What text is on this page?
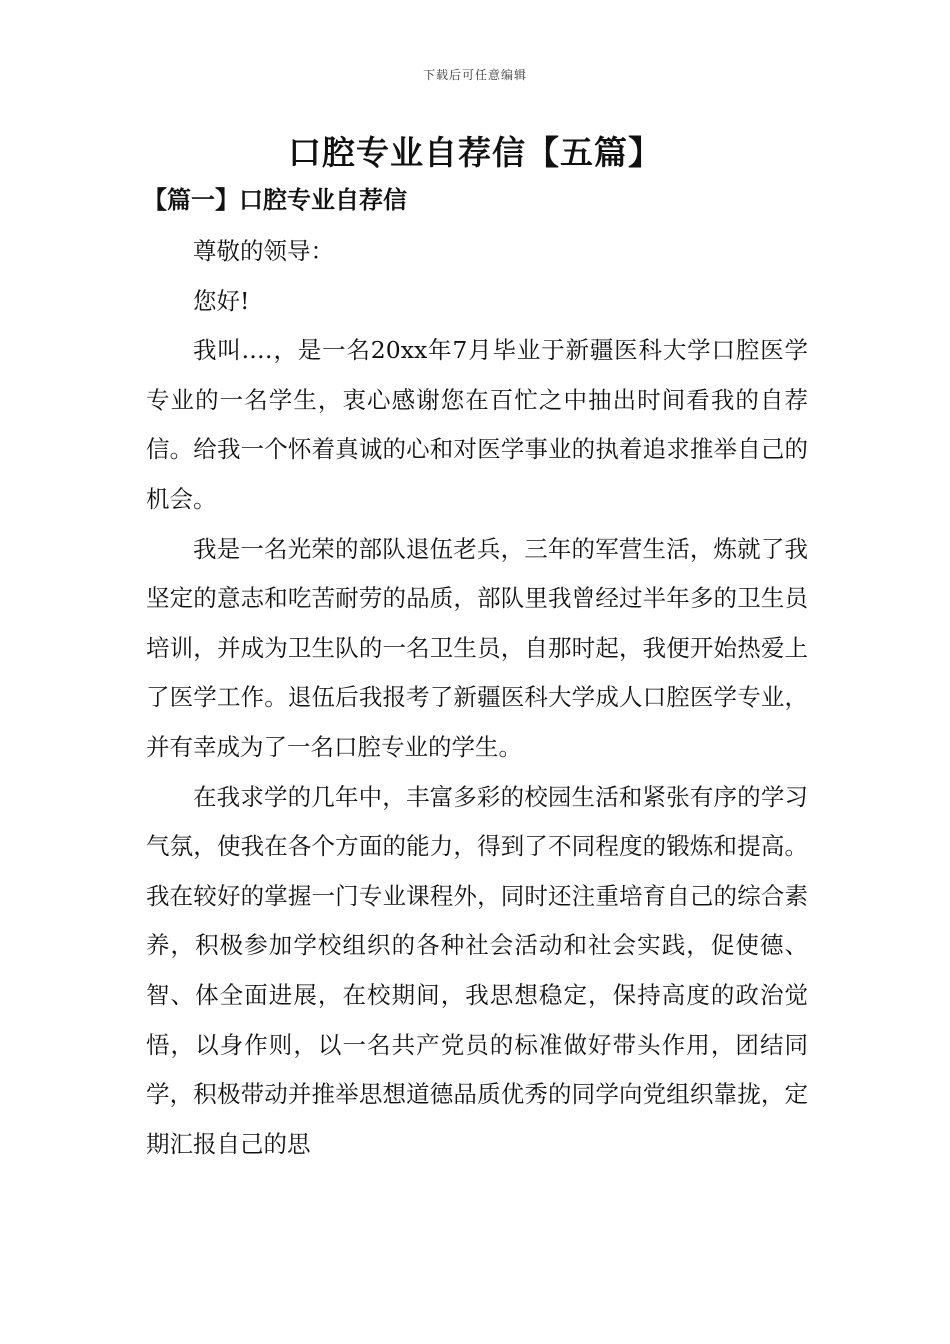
下载后可任意编辑
口腔专业自荐信【五篇】
【篇一】口腔专业自荐信

尊敬的领导：

您好!

我叫.…，是一名20xx年7月毕业于新疆医科大学口腔医学专业的一名学生，衷心感谢您在百忙之中抽出时间看我的自荐信。给我一个怀着真诚的心和对医学事业的执着追求推举自己的机会。

我是一名光荣的部队退伍老兵，三年的军营生活，炼就了我坚定的意志和吃苦耐劳的品质，部队里我曾经过半年多的卫生员培训，并成为卫生队的一名卫生员，自那时起，我便开始热爱上了医学工作。退伍后我报考了新疆医科大学成人口腔医学专业，并有幸成为了一名口腔专业的学生。

在我求学的几年中，丰富多彩的校园生活和紧张有序的学习气氛，使我在各个方面的能力，得到了不同程度的锻炼和提高。我在较好的掌握一门专业课程外，同时还注重培育自己的综合素养，积极参加学校组织的各种社会活动和社会实践，促使德、智、体全面进展，在校期间，我思想稳定，保持高度的政治觉悟，以身作则，以一名共产党员的标准做好带头作用，团结同学，积极带动并推举思想道德品质优秀的同学向党组织靠拢，定期汇报自己的思
